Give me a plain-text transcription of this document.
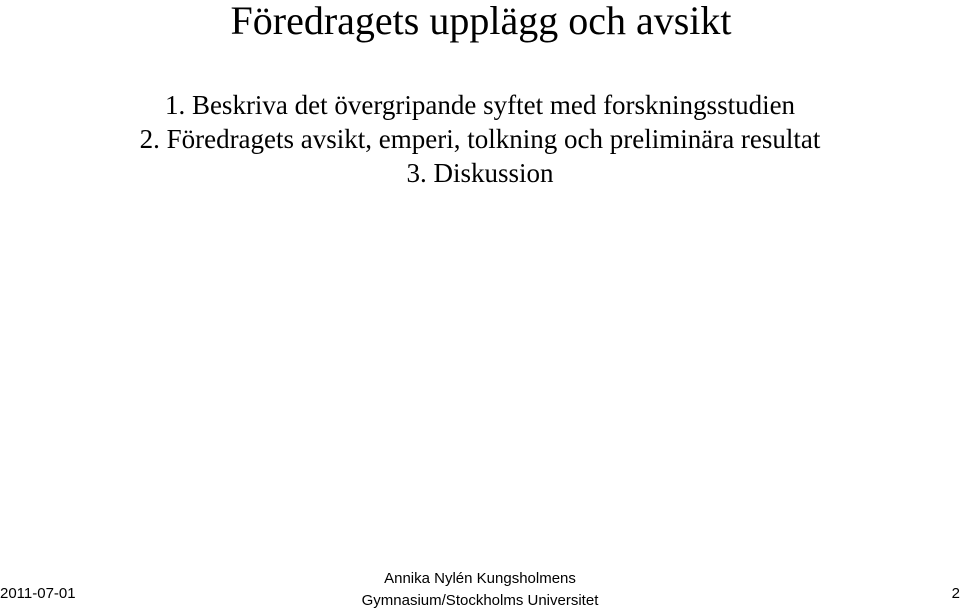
Föredragets upplägg och avsikt
1. Beskriva det övergripande syftet med forskningsstudien
2. Föredragets avsikt, emperi, tolkning och preliminära resultat
3. Diskussion
2011-07-01
Annika Nylén Kungsholmens
Gymnasium/Stockholms Universitet	2
